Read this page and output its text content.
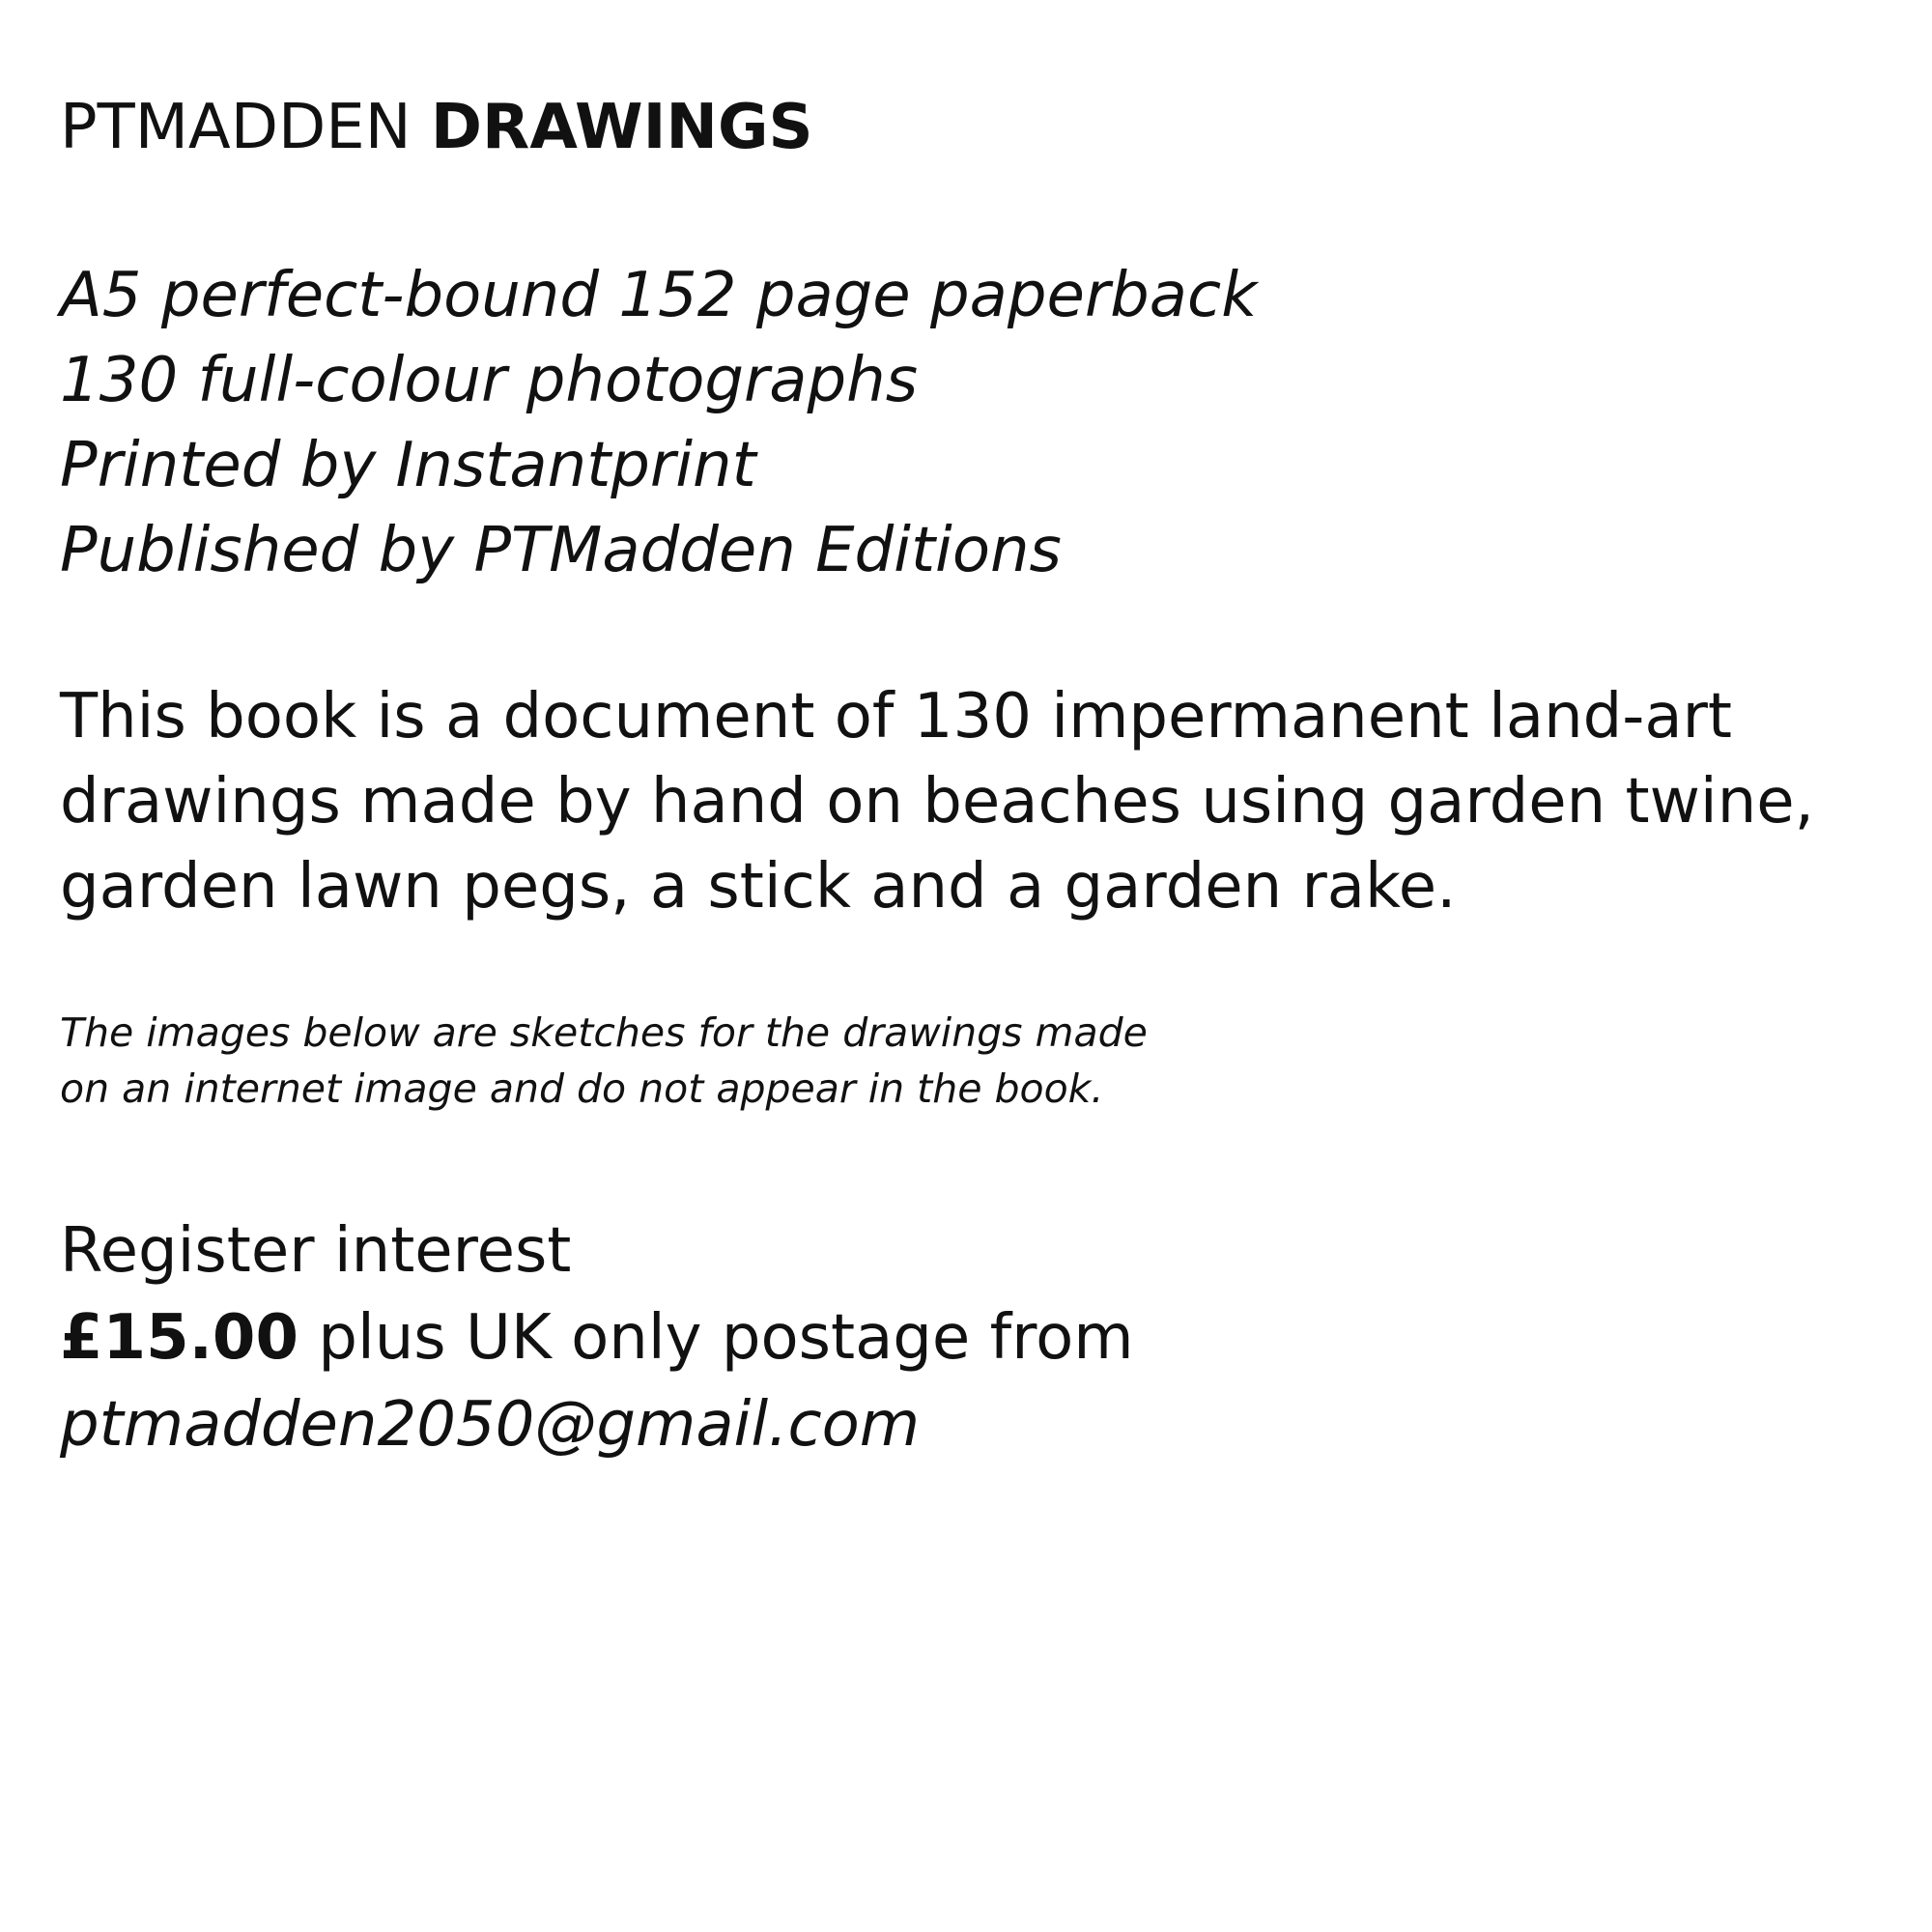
PTMADDEN DRAWINGS
A5 perfect-bound 152 page paperback
130 full-colour photographs
Printed by Instantprint
Published by PTMadden Editions
This book is a document of 130 impermanent land-art
drawings made by hand on beaches using garden twine,
garden lawn pegs, a stick and a garden rake.
The images below are sketches for the drawings made
on an internet image and do not appear in the book.
Register interest
£15.00 plus UK only postage from
ptmadden2050@gmail.com
